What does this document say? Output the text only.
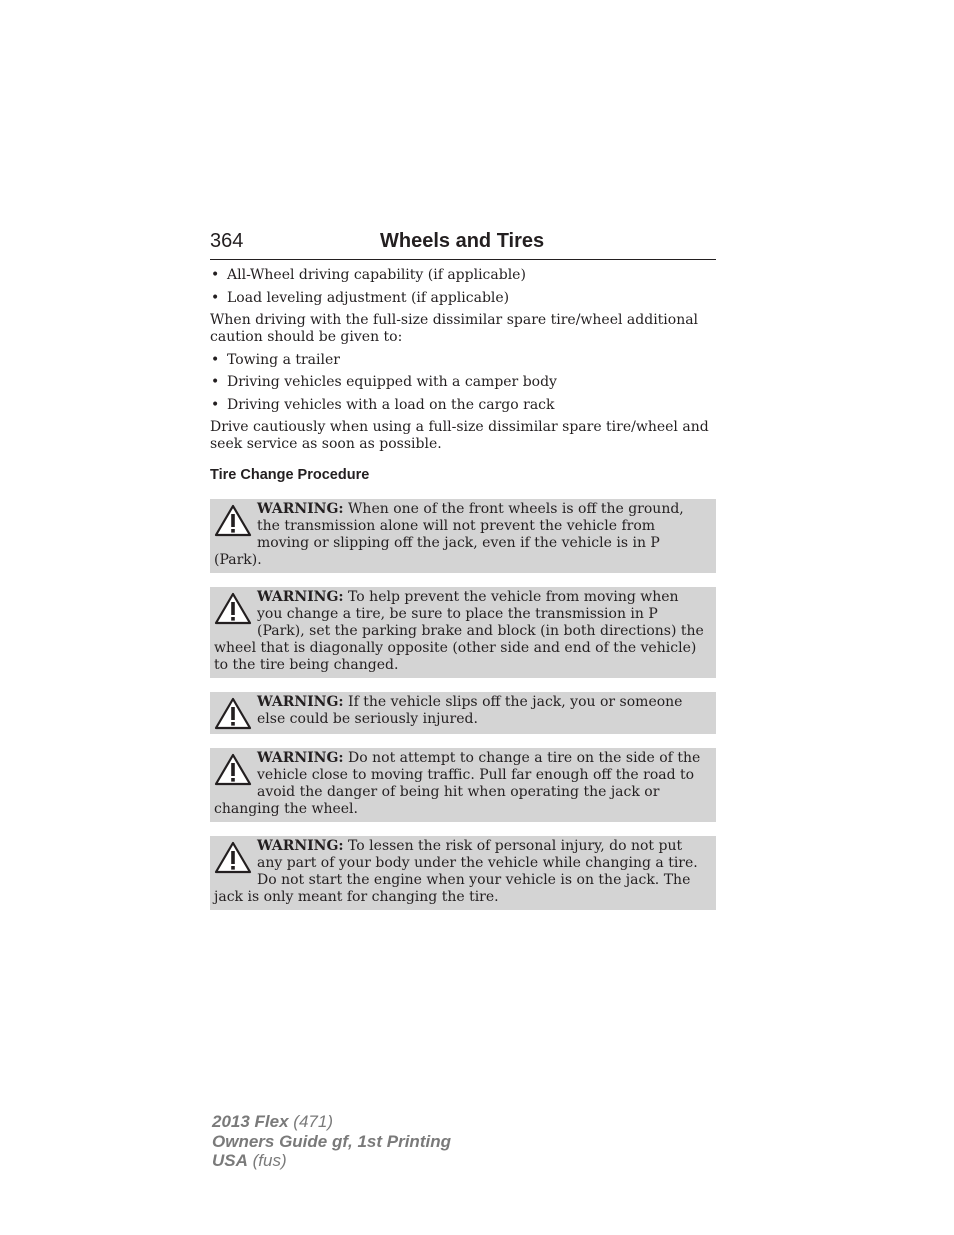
364	Wheels and Tires
• All-Wheel driving capability (if applicable)
• Load leveling adjustment (if applicable)

When driving with the full-size dissimilar spare tire/wheel additional caution should be given to:

• Towing a trailer
• Driving vehicles equipped with a camper body
• Driving vehicles with a load on the cargo rack

Drive cautiously when using a full-size dissimilar spare tire/wheel and seek service as soon as possible.

Tire Change Procedure

WARNING: When one of the front wheels is off the ground, the transmission alone will not prevent the vehicle from moving or slipping off the jack, even if the vehicle is in P (Park).

WARNING: To help prevent the vehicle from moving when you change a tire, be sure to place the transmission in P (Park), set the parking brake and block (in both directions) the wheel that is diagonally opposite (other side and end of the vehicle) to the tire being changed.

WARNING: If the vehicle slips off the jack, you or someone else could be seriously injured.

WARNING: Do not attempt to change a tire on the side of the vehicle close to moving traffic. Pull far enough off the road to avoid the danger of being hit when operating the jack or changing the wheel.

WARNING: To lessen the risk of personal injury, do not put any part of your body under the vehicle while changing a tire. Do not start the engine when your vehicle is on the jack. The jack is only meant for changing the tire.

2013 Flex (471)
Owners Guide gf, 1st Printing
USA (fus)
